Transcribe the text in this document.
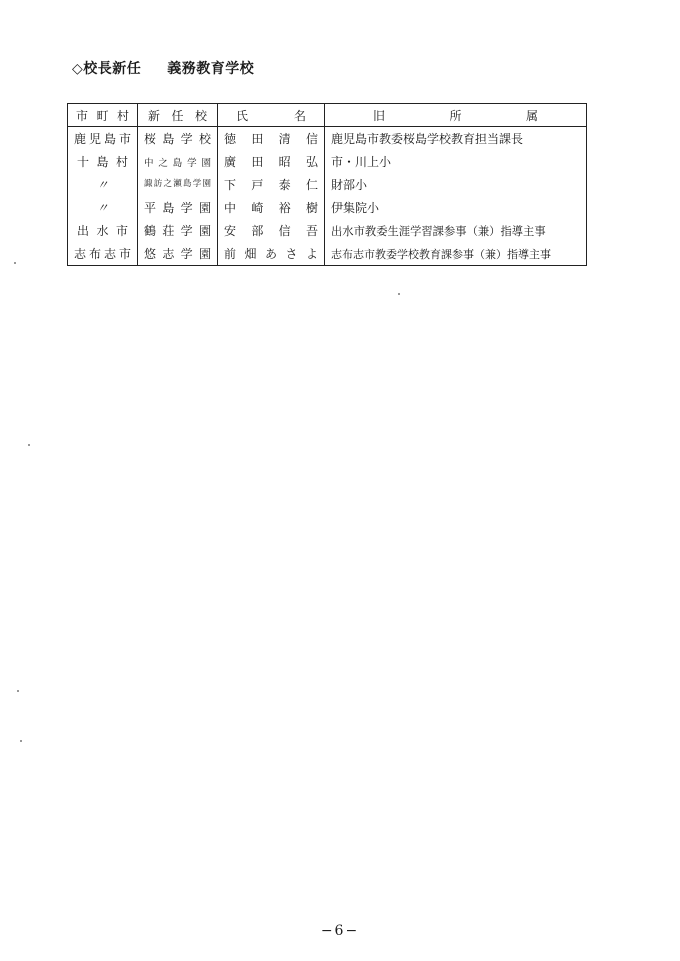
◇校長新任 義務教育学校
市町村	新任校	氏名	旧所属
鹿児島市	桜島学校	徳田清信	鹿児島市教委桜島学校教育担当課長
十島村	中之島学園	廣田昭弘	市・川上小
〃	諏訪之瀬島学園	下戸泰仁	財部小
〃	平島学園	中崎裕樹	伊集院小
出水市	鶴荘学園	安部信吾	出水市教委生涯学習課参事（兼）指導主事
志布志市	悠志学園	前畑あさよ	志布志市教委学校教育課参事（兼）指導主事
−6−
